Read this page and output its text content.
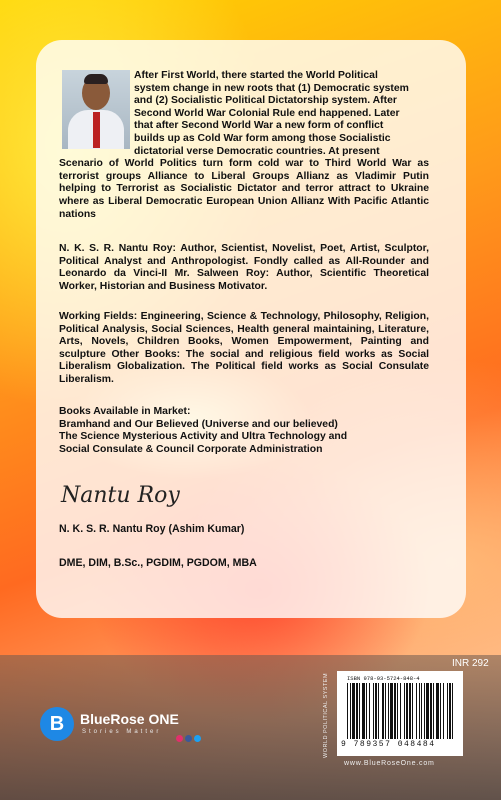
After First World, there started the World Political
system change in new roots that (1) Democratic system
and (2) Socialistic Political Dictatorship system. After
Second World War Colonial Rule end happened. Later
that after Second World War a new form of conflict
builds up as Cold War form among those Socialistic
dictatorial verse Democratic countries. At present
Scenario of World Politics turn form cold war to Third World War as terrorist groups Alliance to Liberal Groups Allianz as Vladimir Putin helping to Terrorist as Socialistic Dictator and terror attract to Ukraine where as Liberal Democratic European Union Allianz With Pacific Atlantic nations
N. K. S. R. Nantu Roy: Author, Scientist, Novelist, Poet, Artist, Sculptor, Political Analyst and Anthropologist. Fondly called as All-Rounder and Leonardo da Vinci-II Mr. Salween Roy: Author, Scientific Theoretical Worker, Historian and Business Motivator.
Working Fields: Engineering, Science & Technology, Philosophy, Religion, Political Analysis, Social Sciences, Health general maintaining, Literature, Arts, Novels, Children Books, Women Empowerment, Painting and sculpture Other Books: The social and religious field works as Social Liberalism Globalization. The Political field works as Social Consulate Liberalism.
Books Available in Market:
Bramhand and Our Believed (Universe and our believed)
The Science Mysterious Activity and Ultra Technology and
Social Consulate & Council Corporate Administration
Nantu Roy
N. K. S. R. Nantu Roy (Ashim Kumar)
DME, DIM, B.Sc., PGDIM, PGDOM, MBA
B	BlueRose ONE
Stories Matter	WORLD POLITICAL SYSTEM
INR 292
ISBN 978-93-5724-848-4
9 789357 048484
www.BlueRoseOne.com
